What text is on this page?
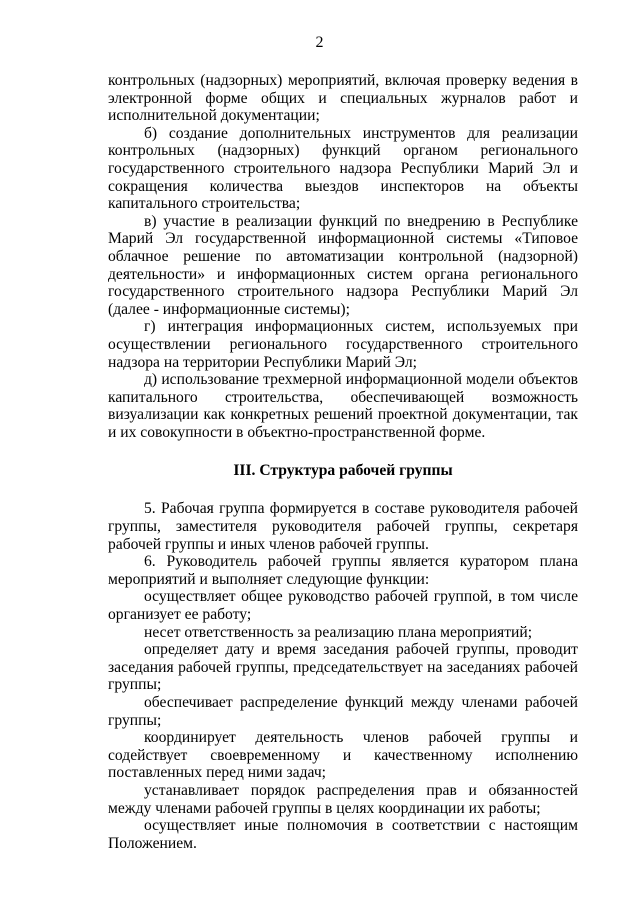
2

контрольных (надзорных) мероприятий, включая проверку ведения в электронной форме общих и специальных журналов работ и исполнительной документации;

б) создание дополнительных инструментов для реализации контрольных (надзорных) функций органом регионального государственного строительного надзора Республики Марий Эл и сокращения количества выездов инспекторов на объекты капитального строительства;

в) участие в реализации функций по внедрению в Республике Марий Эл государственной информационной системы «Типовое облачное решение по автоматизации контрольной (надзорной) деятельности» и информационных систем органа регионального государственного строительного надзора Республики Марий Эл (далее - информационные системы);

г) интеграция информационных систем, используемых при осуществлении регионального государственного строительного надзора на территории Республики Марий Эл;

д) использование трехмерной информационной модели объектов капитального строительства, обеспечивающей возможность визуализации как конкретных решений проектной документации, так и их совокупности в объектно-пространственной форме.

III. Структура рабочей группы

5. Рабочая группа формируется в составе руководителя рабочей группы, заместителя руководителя рабочей группы, секретаря рабочей группы и иных членов рабочей группы.

6. Руководитель рабочей группы является куратором плана мероприятий и выполняет следующие функции:

осуществляет общее руководство рабочей группой, в том числе организует ее работу;

несет ответственность за реализацию плана мероприятий;

определяет дату и время заседания рабочей группы, проводит заседания рабочей группы, председательствует на заседаниях рабочей группы;

обеспечивает распределение функций между членами рабочей группы;

координирует деятельность членов рабочей группы и содействует своевременному и качественному исполнению поставленных перед ними задач;

устанавливает порядок распределения прав и обязанностей между членами рабочей группы в целях координации их работы;

осуществляет иные полномочия в соответствии с настоящим Положением.
